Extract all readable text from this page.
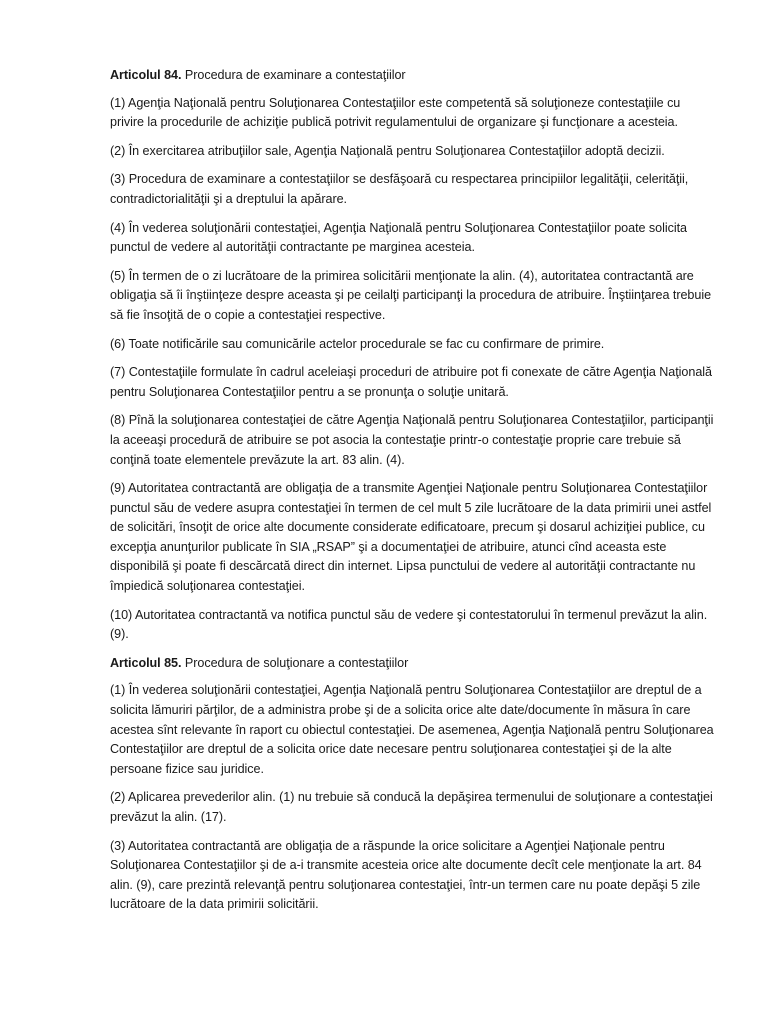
Articolul 84. Procedura de examinare a contestaţiilor

(1) Agenţia Naţională pentru Soluţionarea Contestaţiilor este competentă să soluţioneze contestaţiile cu privire la procedurile de achiziţie publică potrivit regulamentului de organizare şi funcţionare a acesteia.

(2) În exercitarea atribuţiilor sale, Agenţia Naţională pentru Soluţionarea Contestaţiilor adoptă decizii.

(3) Procedura de examinare a contestaţiilor se desfăşoară cu respectarea principiilor legalităţii, celerităţii, contradictorialităţii şi a dreptului la apărare.

(4) În vederea soluţionării contestaţiei, Agenţia Naţională pentru Soluţionarea Contestaţiilor poate solicita punctul de vedere al autorităţii contractante pe marginea acesteia.

(5) În termen de o zi lucrătoare de la primirea solicitării menţionate la alin. (4), autoritatea contractantă are obligaţia să îi înştiinţeze despre aceasta şi pe ceilalţi participanţi la procedura de atribuire. Înştiinţarea trebuie să fie însoţită de o copie a contestaţiei respective.

(6) Toate notificările sau comunicările actelor procedurale se fac cu confirmare de primire.

(7) Contestaţiile formulate în cadrul aceleiaşi proceduri de atribuire pot fi conexate de către Agenţia Naţională pentru Soluţionarea Contestaţiilor pentru a se pronunţa o soluţie unitară.

(8) Pînă la soluţionarea contestaţiei de către Agenţia Naţională pentru Soluţionarea Contestaţiilor, participanţii la aceeaşi procedură de atribuire se pot asocia la contestaţie printr-o contestaţie proprie care trebuie să conţină toate elementele prevăzute la art. 83 alin. (4).

(9) Autoritatea contractantă are obligaţia de a transmite Agenţiei Naţionale pentru Soluţionarea Contestaţiilor punctul său de vedere asupra contestaţiei în termen de cel mult 5 zile lucrătoare de la data primirii unei astfel de solicitări, însoţit de orice alte documente considerate edificatoare, precum şi dosarul achiziţiei publice, cu excepţia anunţurilor publicate în SIA „RSAP” şi a documentaţiei de atribuire, atunci cînd aceasta este disponibilă şi poate fi descărcată direct din internet. Lipsa punctului de vedere al autorităţii contractante nu împiedică soluţionarea contestaţiei.

(10) Autoritatea contractantă va notifica punctul său de vedere şi contestatorului în termenul prevăzut la alin. (9).

Articolul 85. Procedura de soluţionare a contestaţiilor

(1) În vederea soluţionării contestaţiei, Agenţia Naţională pentru Soluţionarea Contestaţiilor are dreptul de a solicita lămuriri părţilor, de a administra probe şi de a solicita orice alte date/documente în măsura în care acestea sînt relevante în raport cu obiectul contestaţiei. De asemenea, Agenţia Naţională pentru Soluţionarea Contestaţiilor are dreptul de a solicita orice date necesare pentru soluţionarea contestaţiei şi de la alte persoane fizice sau juridice.

(2) Aplicarea prevederilor alin. (1) nu trebuie să conducă la depăşirea termenului de soluţionare a contestaţiei prevăzut la alin. (17).

(3) Autoritatea contractantă are obligaţia de a răspunde la orice solicitare a Agenţiei Naţionale pentru Soluţionarea Contestaţiilor şi de a-i transmite acesteia orice alte documente decît cele menţionate la art. 84 alin. (9), care prezintă relevanţă pentru soluţionarea contestaţiei, într-un termen care nu poate depăşi 5 zile lucrătoare de la data primirii solicitării.
